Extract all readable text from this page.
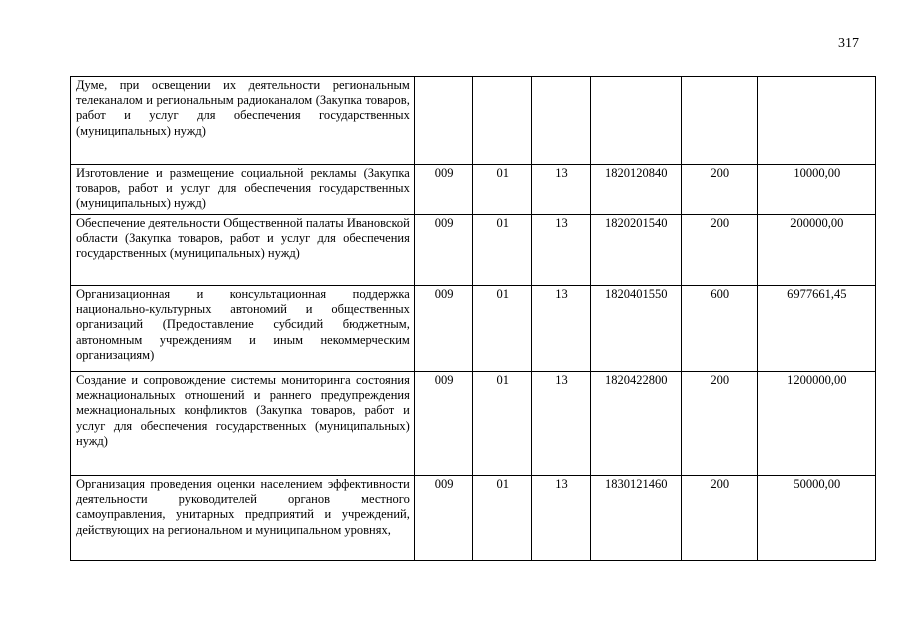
317
Думе, при освещении их деятельности региональным телеканалом и региональным радиоканалом (Закупка товаров, работ и услуг для обеспечения государственных (муниципальных) нужд)						
Изготовление и размещение социальной рекламы (Закупка товаров, работ и услуг для обеспечения государственных (муниципальных) нужд)	009	01	13	1820120840	200	10000,00
Обеспечение деятельности Общественной палаты Ивановской области (Закупка товаров, работ и услуг для обеспечения государственных (муниципальных) нужд)	009	01	13	1820201540	200	200000,00
Организационная и консультационная поддержка национально-культурных автономий и общественных организаций (Предоставление субсидий бюджетным, автономным учреждениям и иным некоммерческим организациям)	009	01	13	1820401550	600	6977661,45
Создание и сопровождение системы мониторинга состояния межнациональных отношений и раннего предупреждения межнациональных конфликтов (Закупка товаров, работ и услуг для обеспечения государственных (муниципальных) нужд)	009	01	13	1820422800	200	1200000,00
Организация проведения оценки населением эффективности деятельности руководителей органов местного самоуправления, унитарных предприятий и учреждений, действующих на региональном и муниципальном уровнях,	009	01	13	1830121460	200	50000,00
